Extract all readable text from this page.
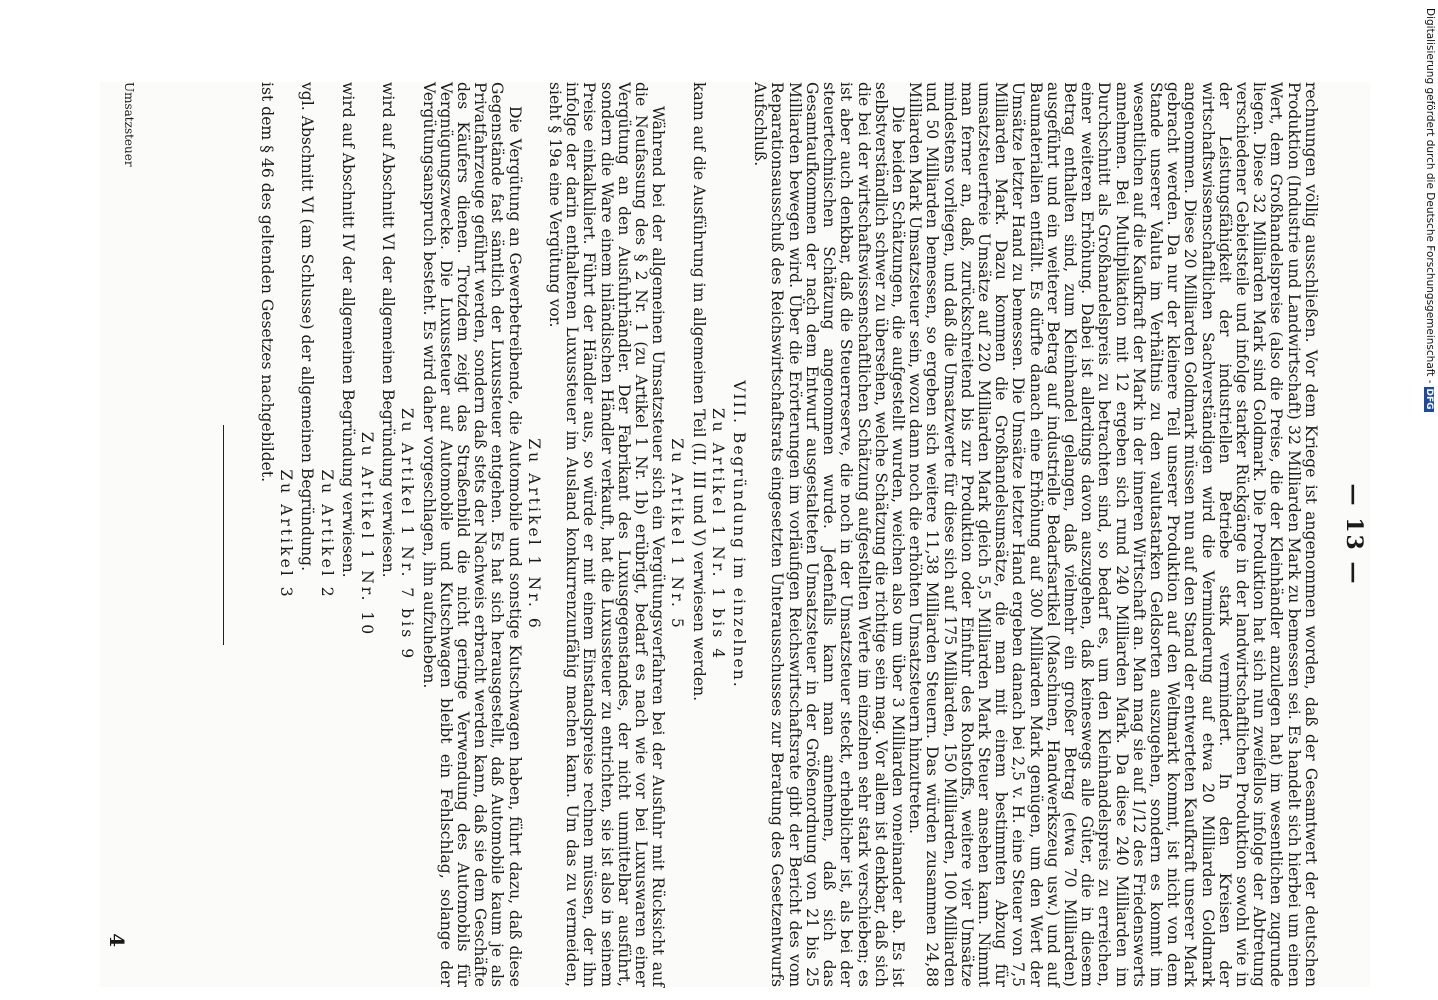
— 13 —

rechnungen völlig ausschließen. Vor dem Kriege ist angenommen worden, daß der Gesamtwert der deutschen Produktion (Industrie und Landwirtschaft) 32 Milliarden Mark zu bemessen sei. Es handelt sich hierbei um einen Wert, dem Großhandelspreise (also die Preise, die der Kleinhändler anzulegen hat) im wesentlichen zugrunde liegen. Diese 32 Milliarden Mark sind Goldmark. Die Produktion hat sich nun zweifellos infolge der Abtretung verschiedener Gebietsteile und infolge starker Rückgänge in der landwirtschaftlichen Produktion sowohl wie in der Leistungsfähigkeit der industriellen Betriebe stark vermindert. In den Kreisen der wirtschaftswissenschaftlichen Sachverständigen wird die Verminderung auf etwa 20 Milliarden Goldmark angenommen. Diese 20 Milliarden Goldmark müssen nun auf den Stand der entwerteten Kaufkraft unserer Mark gebracht werden. Da nur der kleinere Teil unserer Produktion auf den Weltmarkt kommt, ist nicht von dem Stande unserer Valuta im Verhältnis zu den valutastarken Geldsorten auszugehen, sondern es kommt im wesentlichen auf die Kaufkraft der Mark in der inneren Wirtschaft an. Man mag sie auf 1/12 des Friedenswerts annehmen. Bei Multiplikation mit 12 ergeben sich rund 240 Milliarden Mark. Da diese 240 Milliarden im Durchschnitt als Großhandelspreis zu betrachten sind, so bedarf es, um den Kleinhandelspreis zu erreichen, einer weiteren Erhöhung. Dabei ist allerdings davon auszugehen, daß keineswegs alle Güter, die in diesem Betrag enthalten sind, zum Kleinhandel gelangen, daß vielmehr ein großer Betrag (etwa 70 Milliarden) ausgeführt und ein weiterer Betrag auf industrielle Bedarfsartikel (Maschinen, Handwerkszeug usw.) und auf Baumaterialien entfällt. Es dürfte danach eine Erhöhung auf 300 Milliarden Mark genügen, um den Wert der Umsätze letzter Hand zu bemessen. Die Umsätze letzter Hand ergeben danach bei 2,5 v. H. eine Steuer von 7,5 Milliarden Mark. Dazu kommen die Großhandelsumsätze, die man mit einem bestimmten Abzug für umsatzsteuerfreie Umsätze auf 220 Milliarden Mark gleich 5,5 Milliarden Mark Steuer ansehen kann. Nimmt man ferner an, daß, zurückschreitend bis zur Produktion oder Einfuhr des Rohstoffs, weitere vier Umsätze mindestens vorliegen, und daß die Umsatzwerte für diese sich auf 175 Milliarden, 150 Milliarden, 100 Milliarden und 50 Milliarden bemessen, so ergeben sich weitere 11,38 Milliarden Steuern. Das würden zusammen 24,88 Milliarden Mark Umsatzsteuer sein, wozu dann noch die erhöhten Umsatzsteuern hinzutreten.

Die beiden Schätzungen, die aufgestellt wurden, weichen also um über 3 Milliarden voneinander ab. Es ist selbstverständlich schwer zu übersehen, welche Schätzung die richtige sein mag. Vor allem ist denkbar, daß sich die bei der wirtschaftswissenschaftlichen Schätzung aufgestellten Werte im einzelnen sehr stark verschieben; es ist aber auch denkbar, daß die Steuerreserve, die noch in der Umsatzsteuer steckt, erheblicher ist, als bei der steuertechnischen Schätzung angenommen wurde. Jedenfalls kann man annehmen, daß sich das Gesamtaufkommen der nach dem Entwurf ausgestalteten Umsatzsteuer in der Größenordnung von 21 bis 25 Milliarden bewegen wird. Über die Erörterungen im vorläufigen Reichswirtschaftsrate gibt der Bericht des vom Reparationsausschuß des Reichswirtschaftsrats eingesetzten Unterausschusses zur Beratung des Gesetzentwurfs Aufschluß.

VIII. Begründung im einzelnen.
Zu Artikel 1 Nr. 1 bis 4

kann auf die Ausführung im allgemeinen Teil (II, III und V) verwiesen werden.

Zu Artikel 1 Nr. 5

Während bei der allgemeinen Umsatzsteuer sich ein Vergütungsverfahren bei der Ausfuhr mit Rücksicht auf die Neufassung des § 2 Nr. 1 (zu Artikel 1 Nr. 1b) erübrigt, bedarf es nach wie vor bei Luxuswaren einer Vergütung an den Ausfuhrhändler. Der Fabrikant des Luxusgegenstandes, der nicht unmittelbar ausführt, sondern die Ware einem inländischen Händler verkauft, hat die Luxussteuer zu entrichten, sie ist also in seinem Preise einkalkuliert. Führt der Händler aus, so würde er mit einem Einstandspreise rechnen müssen, der ihn infolge der darin enthaltenen Luxussteuer im Ausland konkurrenzunfähig machen kann. Um das zu vermeiden, sieht § 19a eine Vergütung vor.

Zu Artikel 1 Nr. 6

Die Vergütung an Gewerbetreibende, die Automobile und sonstige Kutschwagen haben, führt dazu, daß diese Gegenstände fast sämtlich der Luxussteuer entgehen. Es hat sich herausgestellt, daß Automobile kaum je als Privatfahrzeuge geführt werden, sondern daß stets der Nachweis erbracht werden kann, daß sie dem Geschäfte des Käufers dienen. Trotzdem zeigt das Straßenbild die nicht geringe Verwendung des Automobils für Vergnügungszwecke. Die Luxussteuer auf Automobile und Kutschwagen bleibt ein Fehlschlag, solange der Vergütungsanspruch besteht. Es wird daher vorgeschlagen, ihn aufzuheben.

Zu Artikel 1 Nr. 7 bis 9

wird auf Abschnitt VI der allgemeinen Begründung verwiesen.

Zu Artikel 1 Nr. 10

wird auf Abschnitt IV der allgemeinen Begründung verwiesen.

Zu Artikel 2

vgl. Abschnitt VI (am Schlusse) der allgemeinen Begründung.

Zu Artikel 3

ist dem § 46 des geltenden Gesetzes nachgebildet.

Umsatzsteuer
4
Digitalisierung gefördert durch die Deutsche Forschungsgemeinschaft -DFG
